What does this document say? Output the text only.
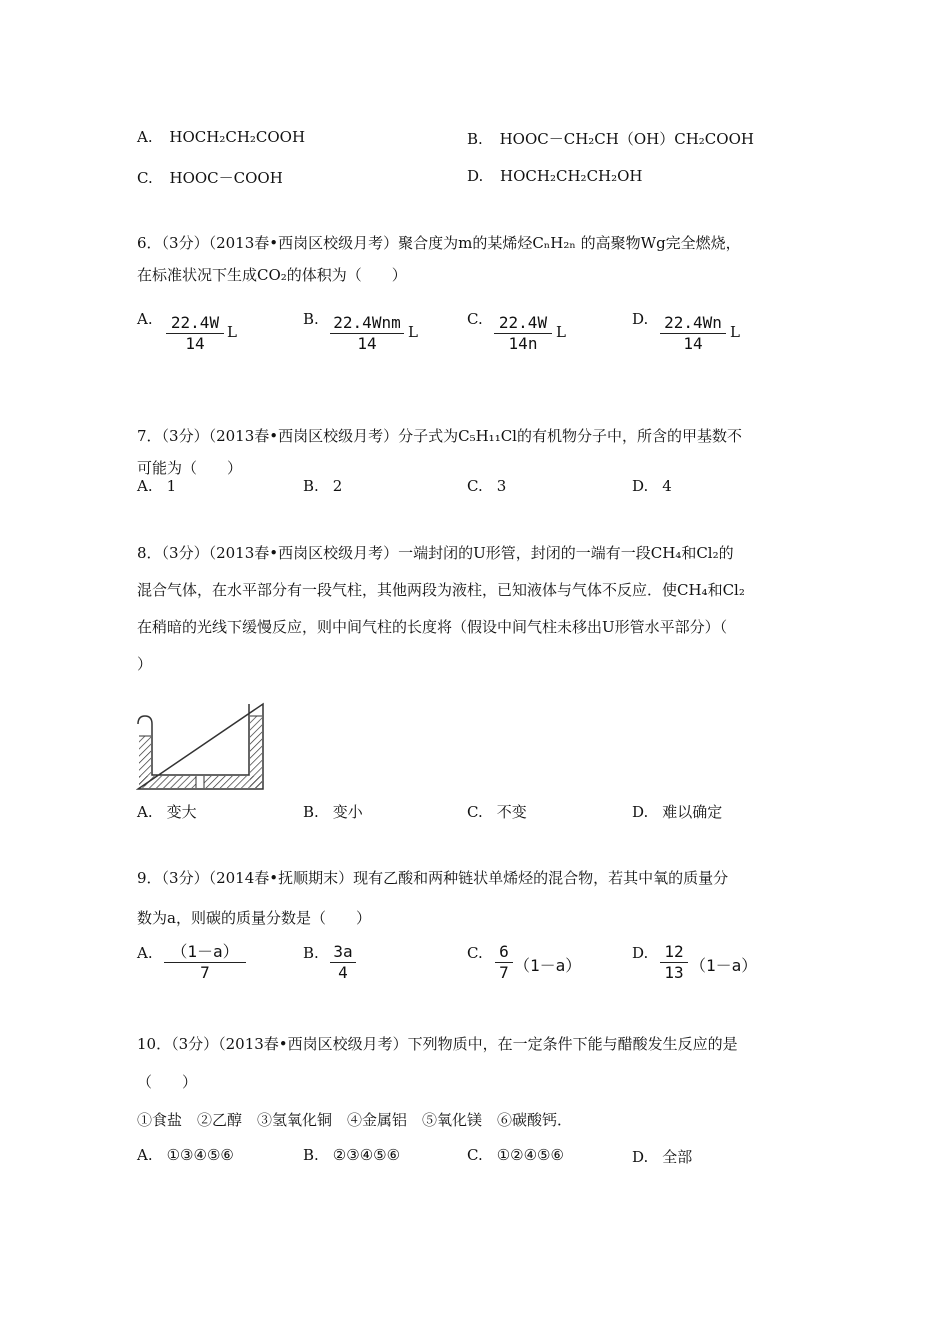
A. HOCH₂CH₂COOH	B. HOOC－CH₂CH（OH）CH₂COOH
C. HOOC－COOH	D. HOCH₂CH₂CH₂OH
6．（3分）（2013春•西岗区校级月考）聚合度为m的某烯烃CₙH₂ₙ 的高聚物Wg完全燃烧，
在标准状况下生成CO₂的体积为（　　）
A. $\frac{22.4W}{14}$ L
B. 22.4Wnm
14
L
C. $\frac{22.4W}{14n}$ L
D. $\frac{22.4Wn}{14}$ L
7．（3分）（2013春•西岗区校级月考）分子式为C₅H₁₁Cl的有机物分子中，所含的甲基数不
可能为（　　）
A. 1	B. 2	C. 3	D. 4
8．（3分）（2013春•西岗区校级月考）一端封闭的U形管，封闭的一端有一段CH₄和Cl₂的
混合气体，在水平部分有一段气柱，其他两段为液柱，已知液体与气体不反应．使CH₄和Cl₂
在稍暗的光线下缓慢反应，则中间气柱的长度将（假设中间气柱未移出U形管水平部分）（
）
A. 变大	B. 变小	C. 不变	D. 难以确定
9．（3分）（2014春•抚顺期末）现有乙酸和两种链状单烯烃的混合物，若其中氧的质量分
数为a，则碳的质量分数是（　　）
A. $\frac{(1-a)}{7}$	B. $\frac{3a}{4}$	C. $\frac{6}{7} (1-a)$
D. $\frac{12}{13} (1-a)$
10．（3分）（2013春•西岗区校级月考）下列物质中，在一定条件下能与醋酸发生反应的是
（　　）
①食盐　②乙醇　③氢氧化铜　④金属铝　⑤氧化镁　⑥碳酸钙．
A. ①③④⑤⑥	B. ②③④⑤⑥	C. ①②④⑤⑥	D. 全部
